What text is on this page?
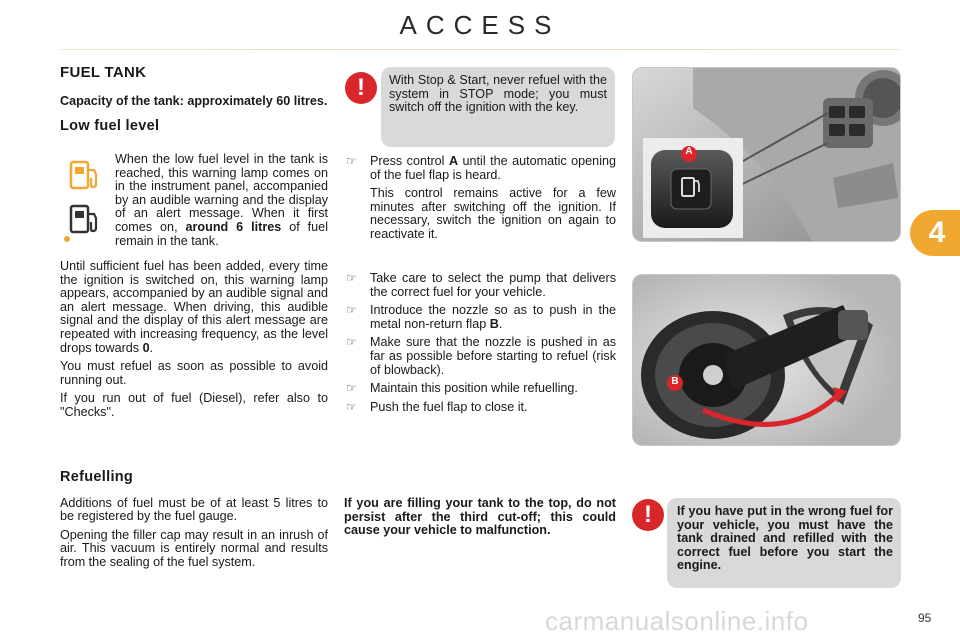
ACCESS
4
FUEL TANK
Capacity of the tank: approximately 60 litres.
Low fuel level
When the low fuel level in the tank is reached, this warning lamp comes on in the instrument panel, accompanied by an audible warning and the display of an alert message. When it first comes on, around 6 litres of fuel remain in the tank.

Until sufficient fuel has been added, every time the ignition is switched on, this warning lamp appears, accompanied by an audible signal and an alert message. When driving, this audible signal and the display of this alert message are repeated with increasing frequency, as the level drops towards 0.

You must refuel as soon as possible to avoid running out.

If you run out of fuel (Diesel), refer also to "Checks".

Refuelling

Additions of fuel must be of at least 5 litres to be registered by the fuel gauge.

Opening the filler cap may result in an inrush of air. This vacuum is entirely normal and results from the sealing of the fuel system.

!	With Stop & Start, never refuel with the system in STOP mode; you must switch off the ignition with the key.
☞ Press control A until the automatic opening of the fuel flap is heard.
This control remains active for a few minutes after switching off the ignition. If necessary, switch the ignition on again to reactivate it.
☞ Take care to select the pump that delivers the correct fuel for your vehicle.
☞ Introduce the nozzle so as to push in the metal non-return flap B.
☞ Make sure that the nozzle is pushed in as far as possible before starting to refuel (risk of blowback).
☞ Maintain this position while refuelling.
☞ Push the fuel flap to close it.
If you are filling your tank to the top, do not persist after the third cut-off; this could cause your vehicle to malfunction.
!	If you have put in the wrong fuel for your vehicle, you must have the tank drained and refilled with the correct fuel before you start the engine.
A
B
carmanualsonline.info	95
